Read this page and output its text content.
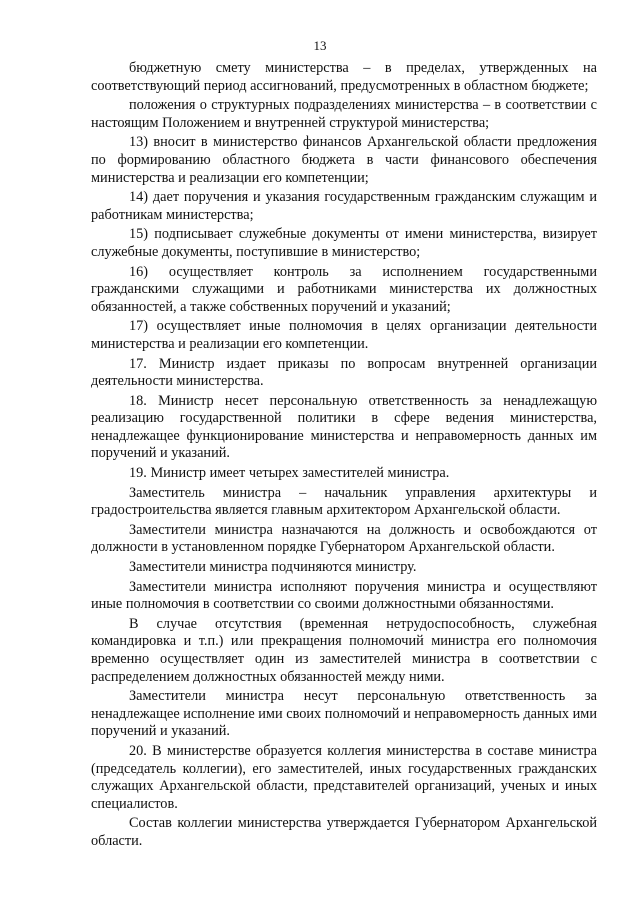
13

бюджетную смету министерства – в пределах, утвержденных на соответствующий период ассигнований, предусмотренных в областном бюджете;

положения о структурных подразделениях министерства – в соответствии с настоящим Положением и внутренней структурой министерства;

13) вносит в министерство финансов Архангельской области предложения по формированию областного бюджета в части финансового обеспечения министерства и реализации его компетенции;

14) дает поручения и указания государственным гражданским служащим и работникам министерства;

15) подписывает служебные документы от имени министерства, визирует служебные документы, поступившие в министерство;

16) осуществляет контроль за исполнением государственными гражданскими служащими и работниками министерства их должностных обязанностей, а также собственных поручений и указаний;

17) осуществляет иные полномочия в целях организации деятельности министерства и реализации его компетенции.

17. Министр издает приказы по вопросам внутренней организации деятельности министерства.

18. Министр несет персональную ответственность за ненадлежащую реализацию государственной политики в сфере ведения министерства, ненадлежащее функционирование министерства и неправомерность данных им поручений и указаний.

19. Министр имеет четырех заместителей министра.

Заместитель министра – начальник управления архитектуры и градостроительства является главным архитектором Архангельской области.

Заместители министра назначаются на должность и освобождаются от должности в установленном порядке Губернатором Архангельской области.

Заместители министра подчиняются министру.

Заместители министра исполняют поручения министра и осуществляют иные полномочия в соответствии со своими должностными обязанностями.

В случае отсутствия (временная нетрудоспособность, служебная командировка и т.п.) или прекращения полномочий министра его полномочия временно осуществляет один из заместителей министра в соответствии с распределением должностных обязанностей между ними.

Заместители министра несут персональную ответственность за ненадлежащее исполнение ими своих полномочий и неправомерность данных ими поручений и указаний.

20. В министерстве образуется коллегия министерства в составе министра (председатель коллегии), его заместителей, иных государственных гражданских служащих Архангельской области, представителей организаций, ученых и иных специалистов.

Состав коллегии министерства утверждается Губернатором Архангельской области.
